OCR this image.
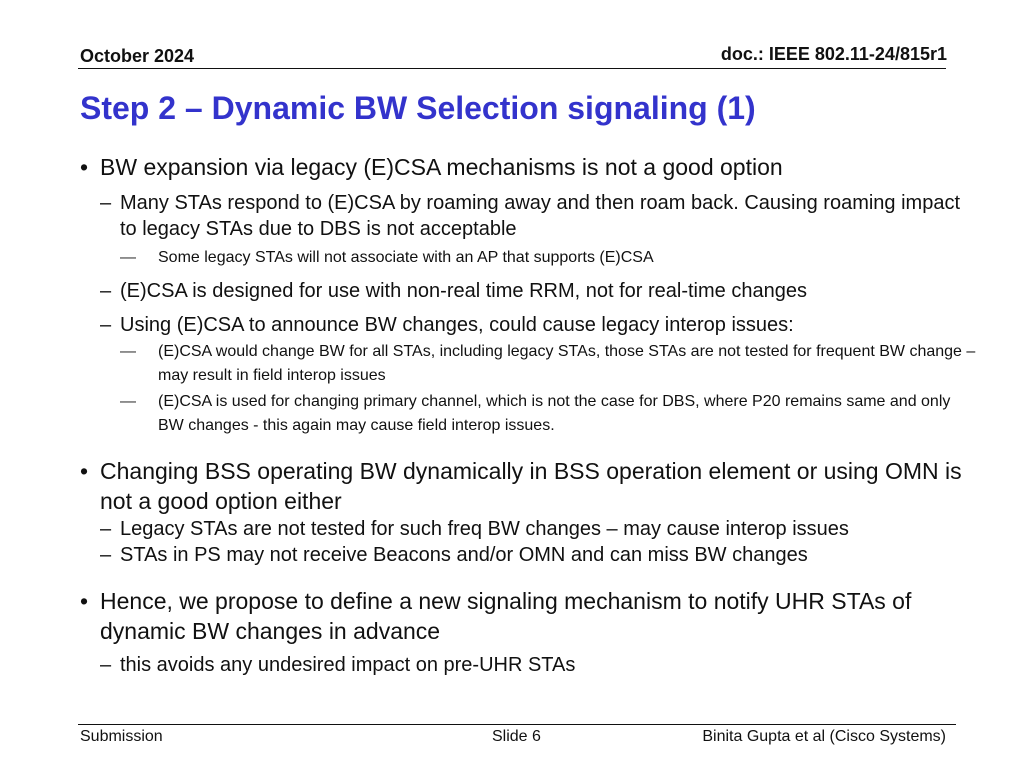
October 2024	doc.: IEEE 802.11-24/815r1
Step 2 – Dynamic BW Selection signaling (1)
• BW expansion via legacy (E)CSA mechanisms is not a good option
– Many STAs respond to (E)CSA by roaming away and then roam back. Causing roaming impact to legacy STAs due to DBS is not acceptable
— Some legacy STAs will not associate with an AP that supports (E)CSA
– (E)CSA is designed for use with non-real time RRM, not for real-time changes
– Using (E)CSA to announce BW changes, could cause legacy interop issues:
— (E)CSA would change BW for all STAs, including legacy STAs, those STAs are not tested for frequent BW change – may result in field interop issues
— (E)CSA is used for changing primary channel, which is not the case for DBS, where P20 remains same and only BW changes - this again may cause field interop issues.
• Changing BSS operating BW dynamically in BSS operation element or using OMN is not a good option either
– Legacy STAs are not tested for such freq BW changes – may cause interop issues
– STAs in PS may not receive Beacons and/or OMN and can miss BW changes
• Hence, we propose to define a new signaling mechanism to notify UHR STAs of dynamic BW changes in advance
– this avoids any undesired impact on pre-UHR STAs
Submission	Slide 6	Binita Gupta et al (Cisco Systems)
